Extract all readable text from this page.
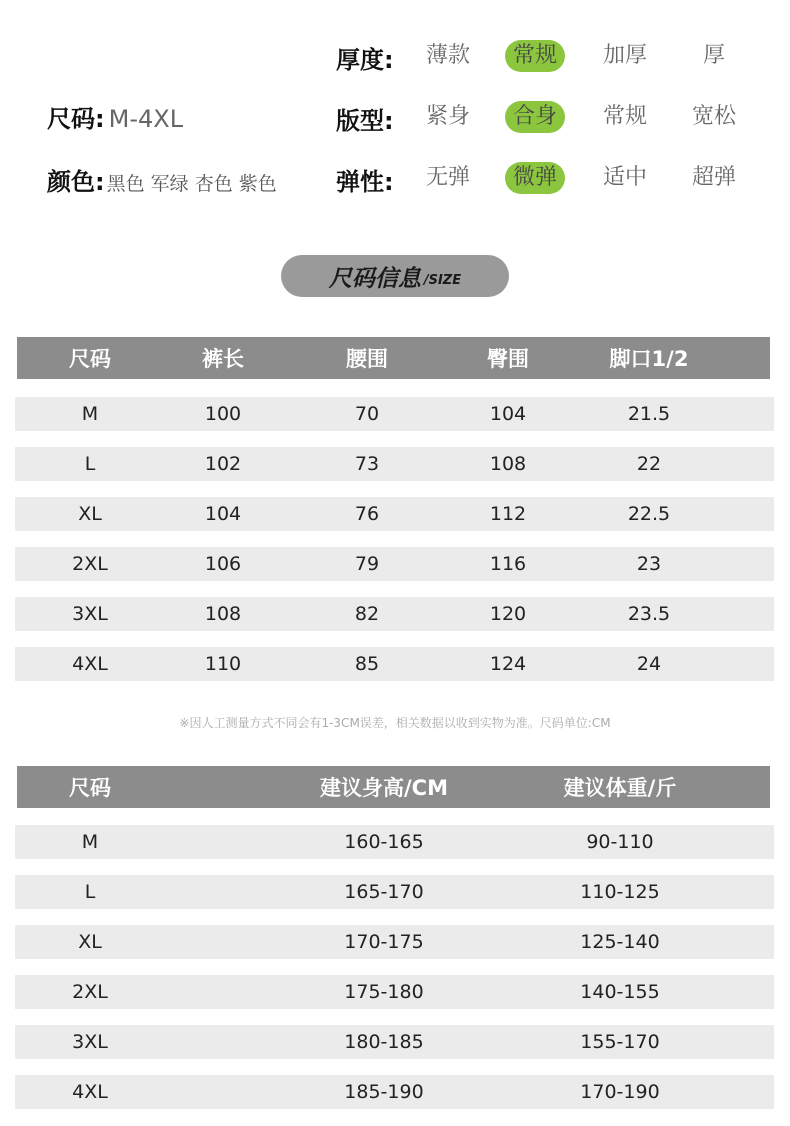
尺码: M-4XL
颜色: 黑色 军绿 杏色 紫色
厚度:	薄款	常规	加厚	厚
版型:	紧身	合身	常规	宽松
弹性:	无弹	微弹	适中	超弹
尺码信息 /SIZE
尺码	裤长	腰围	臀围	脚口1/2
M	100	70	104	21.5
L	102	73	108	22
XL	104	76	112	22.5
2XL	106	79	116	23
3XL	108	82	120	23.5
4XL	110	85	124	24
※因人工测量方式不同会有1-3CM误差，相关数据以收到实物为准。尺码单位:CM
尺码	建议身高/CM	建议体重/斤
M	160-165	90-110
L	165-170	110-125
XL	170-175	125-140
2XL	175-180	140-155
3XL	180-185	155-170
4XL	185-190	170-190
